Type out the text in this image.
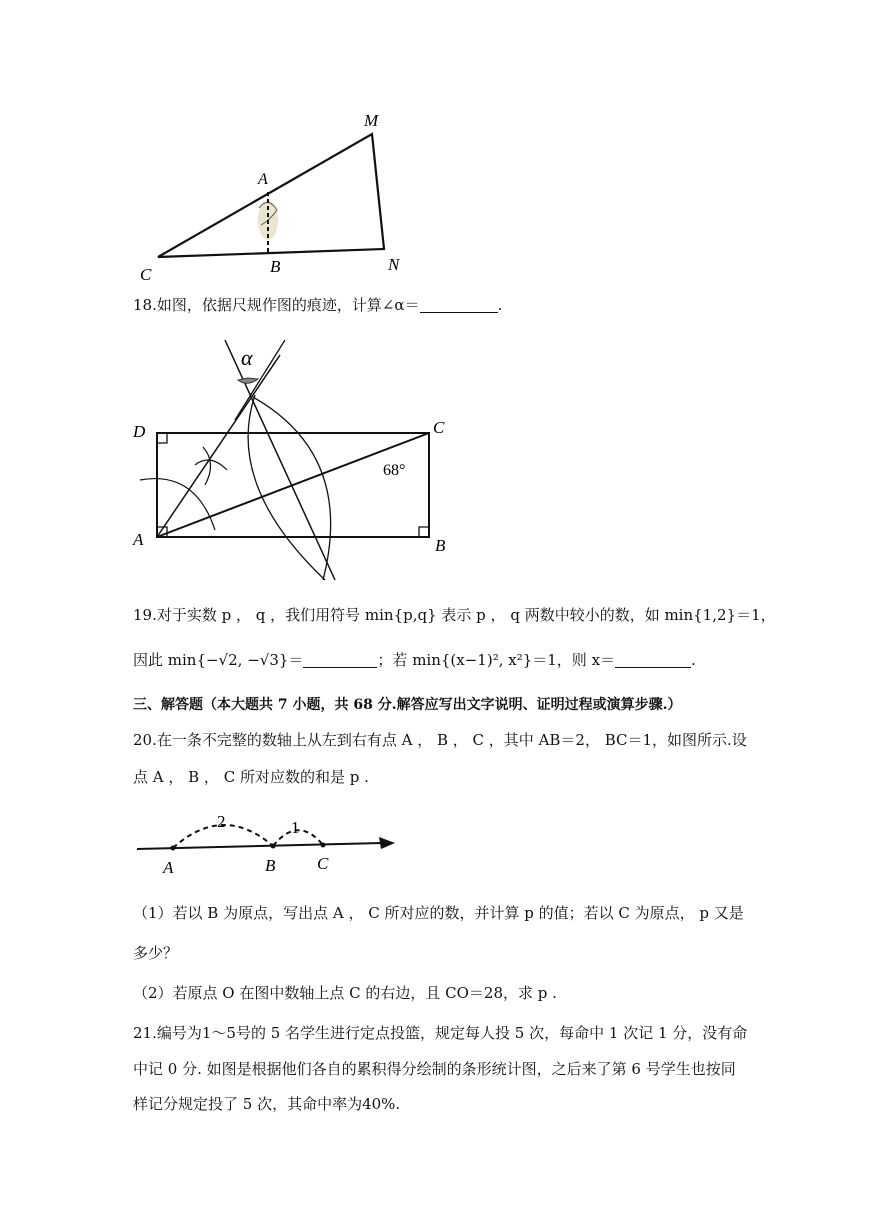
M
A
C	B	N
18.如图，依据尺规作图的痕迹，计算∠α＝	.
α
D	C
A	B
68°
19.对于实数 p ， q ，我们用符号 min{p,q} 表示 p ， q 两数中较小的数，如 min{1,2}＝1，
因此 min{−√2, −√3}＝	；若 min{(x−1)², x²}＝1，则 x＝	.
三、解答题（本大题共 7 小题，共 68 分.解答应写出文字说明、证明过程或演算步骤.）
20.在一条不完整的数轴上从左到右有点 A ， B ， C ，其中 AB＝2， BC＝1，如图所示.设
点 A ， B ， C 所对应数的和是 p .
2	1
A	B C
（1）若以 B 为原点，写出点 A ， C 所对应的数，并计算 p 的值；若以 C 为原点， p 又是
多少？
（2）若原点 O 在图中数轴上点 C 的右边，且 CO＝28，求 p .
21.编号为1～5号的 5 名学生进行定点投篮，规定每人投 5 次，每命中 1 次记 1 分，没有命
中记 0 分. 如图是根据他们各自的累积得分绘制的条形统计图，之后来了第 6 号学生也按同
样记分规定投了 5 次，其命中率为40%.
